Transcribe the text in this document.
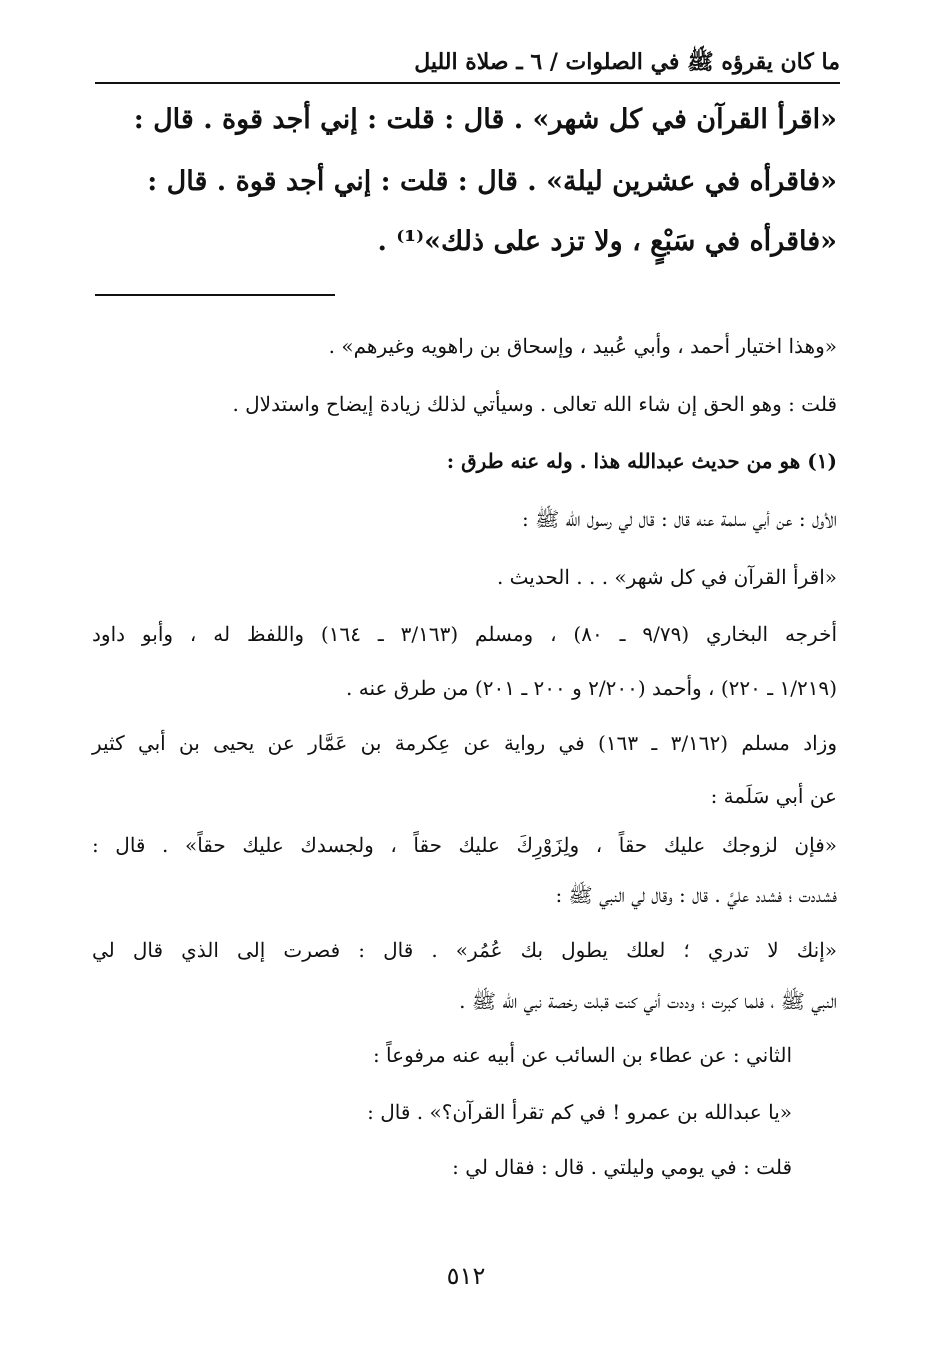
ما كان يقرؤه ﷺ في الصلوات / ٦ ـ صلاة الليل
«اقرأ القرآن في كل شهر» . قال : قلت : إني أجد قوة . قال :
«فاقرأه في عشرين ليلة» . قال : قلت : إني أجد قوة . قال :
«فاقرأه في سَبْعٍ ، ولا تزد على ذلك»⁽¹⁾ .
«وهذا اختيار أحمد ، وأبي عُبيد ، وإسحاق بن راهويه وغيرهم» .
قلت : وهو الحق إن شاء الله تعالى . وسيأتي لذلك زيادة إيضاح واستدلال .
(١) هو من حديث عبدالله هذا . وله عنه طرق :
الأول : عن أبي سلمة عنه قال : قال لي رسول الله ﷺ :
«اقرأ القرآن في كل شهر» . . . الحديث .
أخرجه البخاري (٩/٧٩ ـ ٨٠) ، ومسلم (٣/١٦٣ ـ ١٦٤) واللفظ له ، وأبو داود
(١/٢١٩ ـ ٢٢٠) ، وأحمد (٢/٢٠٠ و ٢٠٠ ـ ٢٠١) من طرق عنه .
وزاد مسلم (٣/١٦٢ ـ ١٦٣) في رواية عن عِكرمة بن عَمَّار عن يحيى بن أبي كثير
عن أبي سَلَمة :
«فإن لزوجك عليك حقاً ، ولِزَوْرِكَ عليك حقاً ، ولجسدك عليك حقاً» . قال :
فشددت ؛ فشدد عليَّ . قال : وقال لي النبي ﷺ :
«إنك لا تدري ؛ لعلك يطول بك عُمُر» . قال : فصرت إلى الذي قال لي
النبي ﷺ ، فلما كبرت ؛ وددت أني كنت قبلت رخصة نبي الله ﷺ .
الثاني : عن عطاء بن السائب عن أبيه عنه مرفوعاً :
«يا عبدالله بن عمرو ! في كم تقرأ القرآن؟» . قال :
قلت : في يومي وليلتي . قال : فقال لي :
٥١٢
